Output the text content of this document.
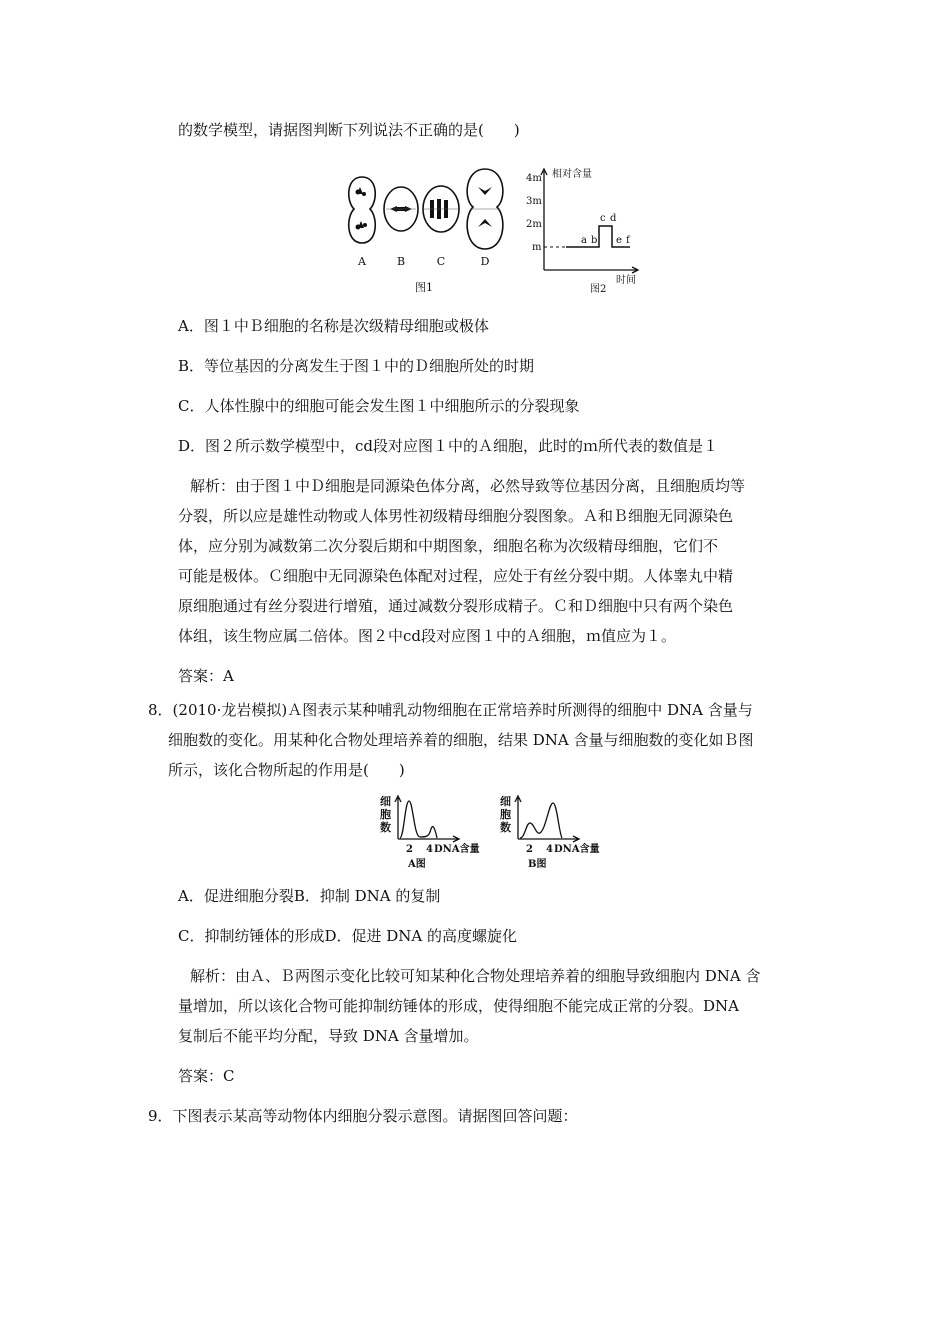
的数学模型，请据图判断下列说法不正确的是(　　)
A	B	C	D
图1
相对含量
4m
3m
2m
m
a b
c d
e f
时间
图2
A．图１中Ｂ细胞的名称是次级精母细胞或极体
B．等位基因的分离发生于图１中的Ｄ细胞所处的时期
C．人体性腺中的细胞可能会发生图１中细胞所示的分裂现象
D．图２所示数学模型中，cd段对应图１中的Ａ细胞，此时的ｍ所代表的数值是１
解析：由于图１中Ｄ细胞是同源染色体分离，必然导致等位基因分离，且细胞质均等
分裂，所以应是雄性动物或人体男性初级精母细胞分裂图象。Ａ和Ｂ细胞无同源染色
体，应分别为减数第二次分裂后期和中期图象，细胞名称为次级精母细胞，它们不
可能是极体。Ｃ细胞中无同源染色体配对过程，应处于有丝分裂中期。人体睾丸中精
原细胞通过有丝分裂进行增殖，通过减数分裂形成精子。Ｃ和Ｄ细胞中只有两个染色
体组，该生物应属二倍体。图２中cd段对应图１中的Ａ细胞，ｍ值应为１。
答案：A
8．(2010·龙岩模拟)Ａ图表示某种哺乳动物细胞在正常培养时所测得的细胞中 DNA 含量与
细胞数的变化。用某种化合物处理培养着的细胞，结果 DNA 含量与细胞数的变化如Ｂ图
所示，该化合物所起的作用是(　　)
细
胞
数
2 4 DNA含量
A图
细
胞
数
2 4 DNA含量
B图
A．促进细胞分裂B．抑制 DNA 的复制
C．抑制纺锤体的形成D．促进 DNA 的高度螺旋化
解析：由Ａ、Ｂ两图示变化比较可知某种化合物处理培养着的细胞导致细胞内 DNA 含
量增加，所以该化合物可能抑制纺锤体的形成，使得细胞不能完成正常的分裂。DNA
复制后不能平均分配，导致 DNA 含量增加。
答案：C
9．下图表示某高等动物体内细胞分裂示意图。请据图回答问题：
